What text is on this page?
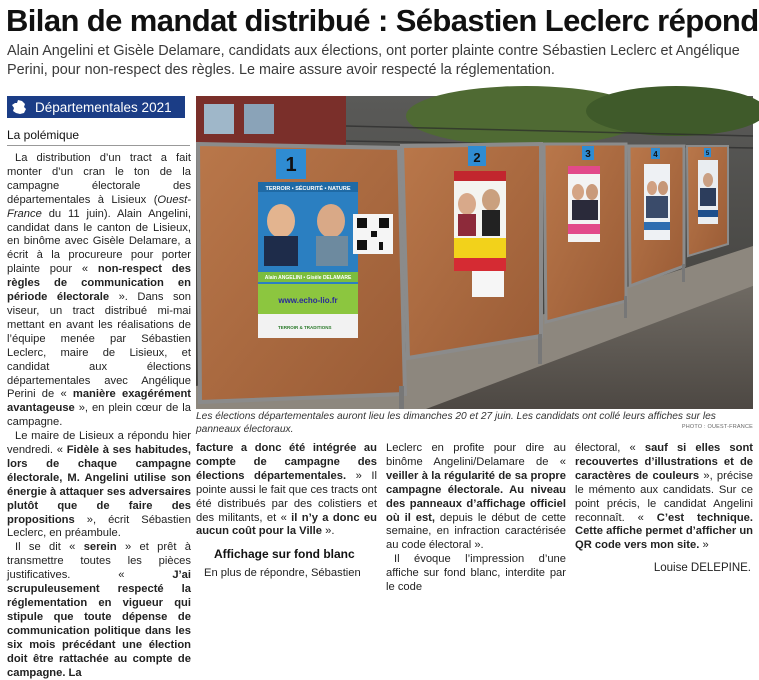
Bilan de mandat distribué : Sébastien Leclerc répond
Alain Angelini et Gisèle Delamare, candidats aux élections, ont porter plainte contre Sébastien Leclerc et Angélique Perini, pour non-respect des règles. Le maire assure avoir respecté la réglementation.
Départementales 2021
La polémique

La distribution d’un tract a fait monter d’un cran le ton de la campagne électorale des départementales à Lisieux (Ouest-France du 11 juin). Alain Angelini, candidat dans le canton de Lisieux, en binôme avec Gisèle Delamare, a écrit à la procureure pour porter plainte pour « non-respect des règles de communication en période électorale ». Dans son viseur, un tract distribué mi-mai mettant en avant les réalisations de l’équipe menée par Sébastien Leclerc, maire de Lisieux, et candidat aux élections départementales avec Angélique Perini de « manière exagérément avantageuse », en plein cœur de la campagne.

Le maire de Lisieux a répondu hier vendredi. « Fidèle à ses habitudes, lors de chaque campagne électorale, M. Angelini utilise son énergie à attaquer ses adversaires plutôt que de faire des propositions », écrit Sébastien Leclerc, en préambule.

Il se dit « serein » et prêt à transmettre toutes les pièces justificatives. « J’ai scrupuleusement respecté la réglementation en vigueur qui stipule que toute dépense de communication politique dans les six mois précédant une élection doit être rattachée au compte de campagne. La

1	2	3	4	5
TERROIR • SÉCURITÉ • NATURE
Alain ANGELINI • Gisèle DELAMARE
www.echo-lio.fr
TERROIR & TRADITIONS
Les élections départementales auront lieu les dimanches 20 et 27 juin. Les candidats ont collé leurs affiches sur les panneaux électoraux.	PHOTO : OUEST-FRANCE

facture a donc été intégrée au compte de campagne des élections départementales. » Il pointe aussi le fait que ces tracts ont été distribués par des colistiers et des militants, et « il n’y a donc eu aucun coût pour la Ville ».

Affichage sur fond blanc

En plus de répondre, Sébastien

Leclerc en profite pour dire au binôme Angelini/Delamare de « veiller à la régularité de sa propre campagne électorale. Au niveau des panneaux d’affichage officiel où il est, depuis le début de cette semaine, en infraction caractérisée au code électoral ».

Il évoque l’impression d’une affiche sur fond blanc, interdite par le code

électoral, « sauf si elles sont recouvertes d’illustrations et de caractères de couleurs », précise le mémento aux candidats. Sur ce point précis, le candidat Angelini reconnaît. « C’est technique. Cette affiche permet d’afficher un QR code vers mon site. »

Louise DELEPINE.
